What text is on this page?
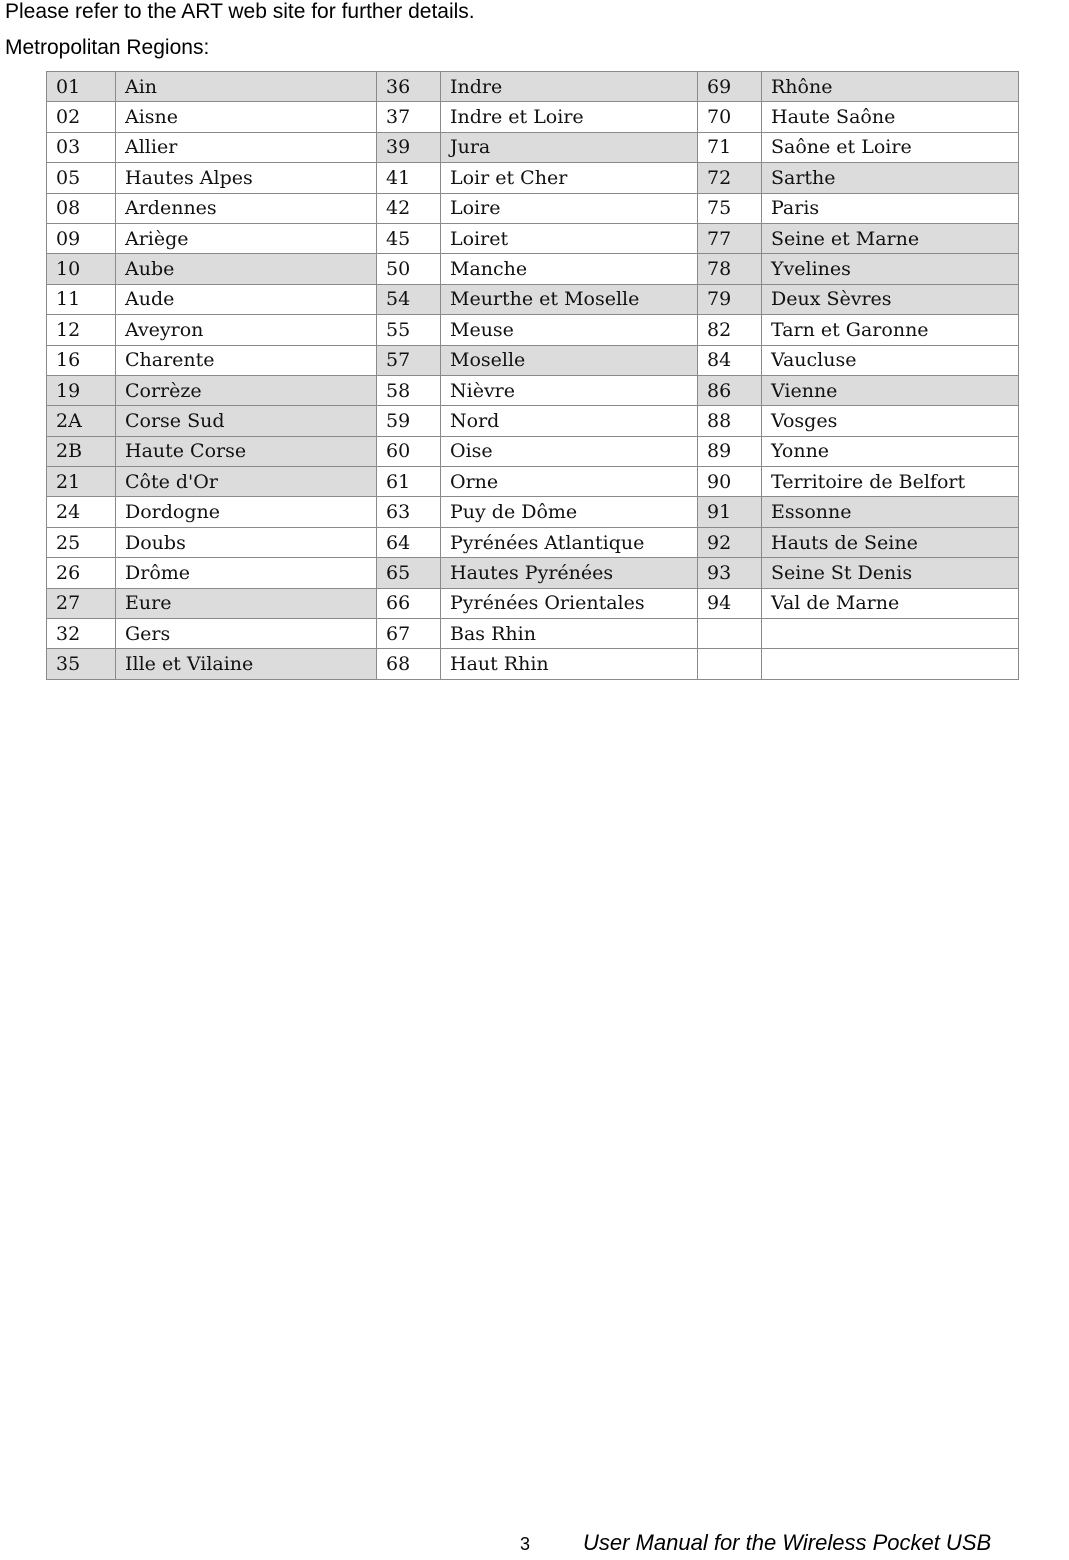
Please refer to the ART web site for further details.
Metropolitan Regions:
01	Ain	36	Indre	69	Rhône
02	Aisne	37	Indre et Loire	70	Haute Saône
03	Allier	39	Jura	71	Saône et Loire
05	Hautes Alpes	41	Loir et Cher	72	Sarthe
08	Ardennes	42	Loire	75	Paris
09	Ariège	45	Loiret	77	Seine et Marne
10	Aube	50	Manche	78	Yvelines
11	Aude	54	Meurthe et Moselle	79	Deux Sèvres
12	Aveyron	55	Meuse	82	Tarn et Garonne
16	Charente	57	Moselle	84	Vaucluse
19	Corrèze	58	Nièvre	86	Vienne
2A	Corse Sud	59	Nord	88	Vosges
2B	Haute Corse	60	Oise	89	Yonne
21	Côte d'Or	61	Orne	90	Territoire de Belfort
24	Dordogne	63	Puy de Dôme	91	Essonne
25	Doubs	64	Pyrénées Atlantique	92	Hauts de Seine
26	Drôme	65	Hautes Pyrénées	93	Seine St Denis
27	Eure	66	Pyrénées Orientales	94	Val de Marne
32	Gers	67	Bas Rhin		
35	Ille et Vilaine	68	Haut Rhin		
3 User Manual for the Wireless Pocket USB
